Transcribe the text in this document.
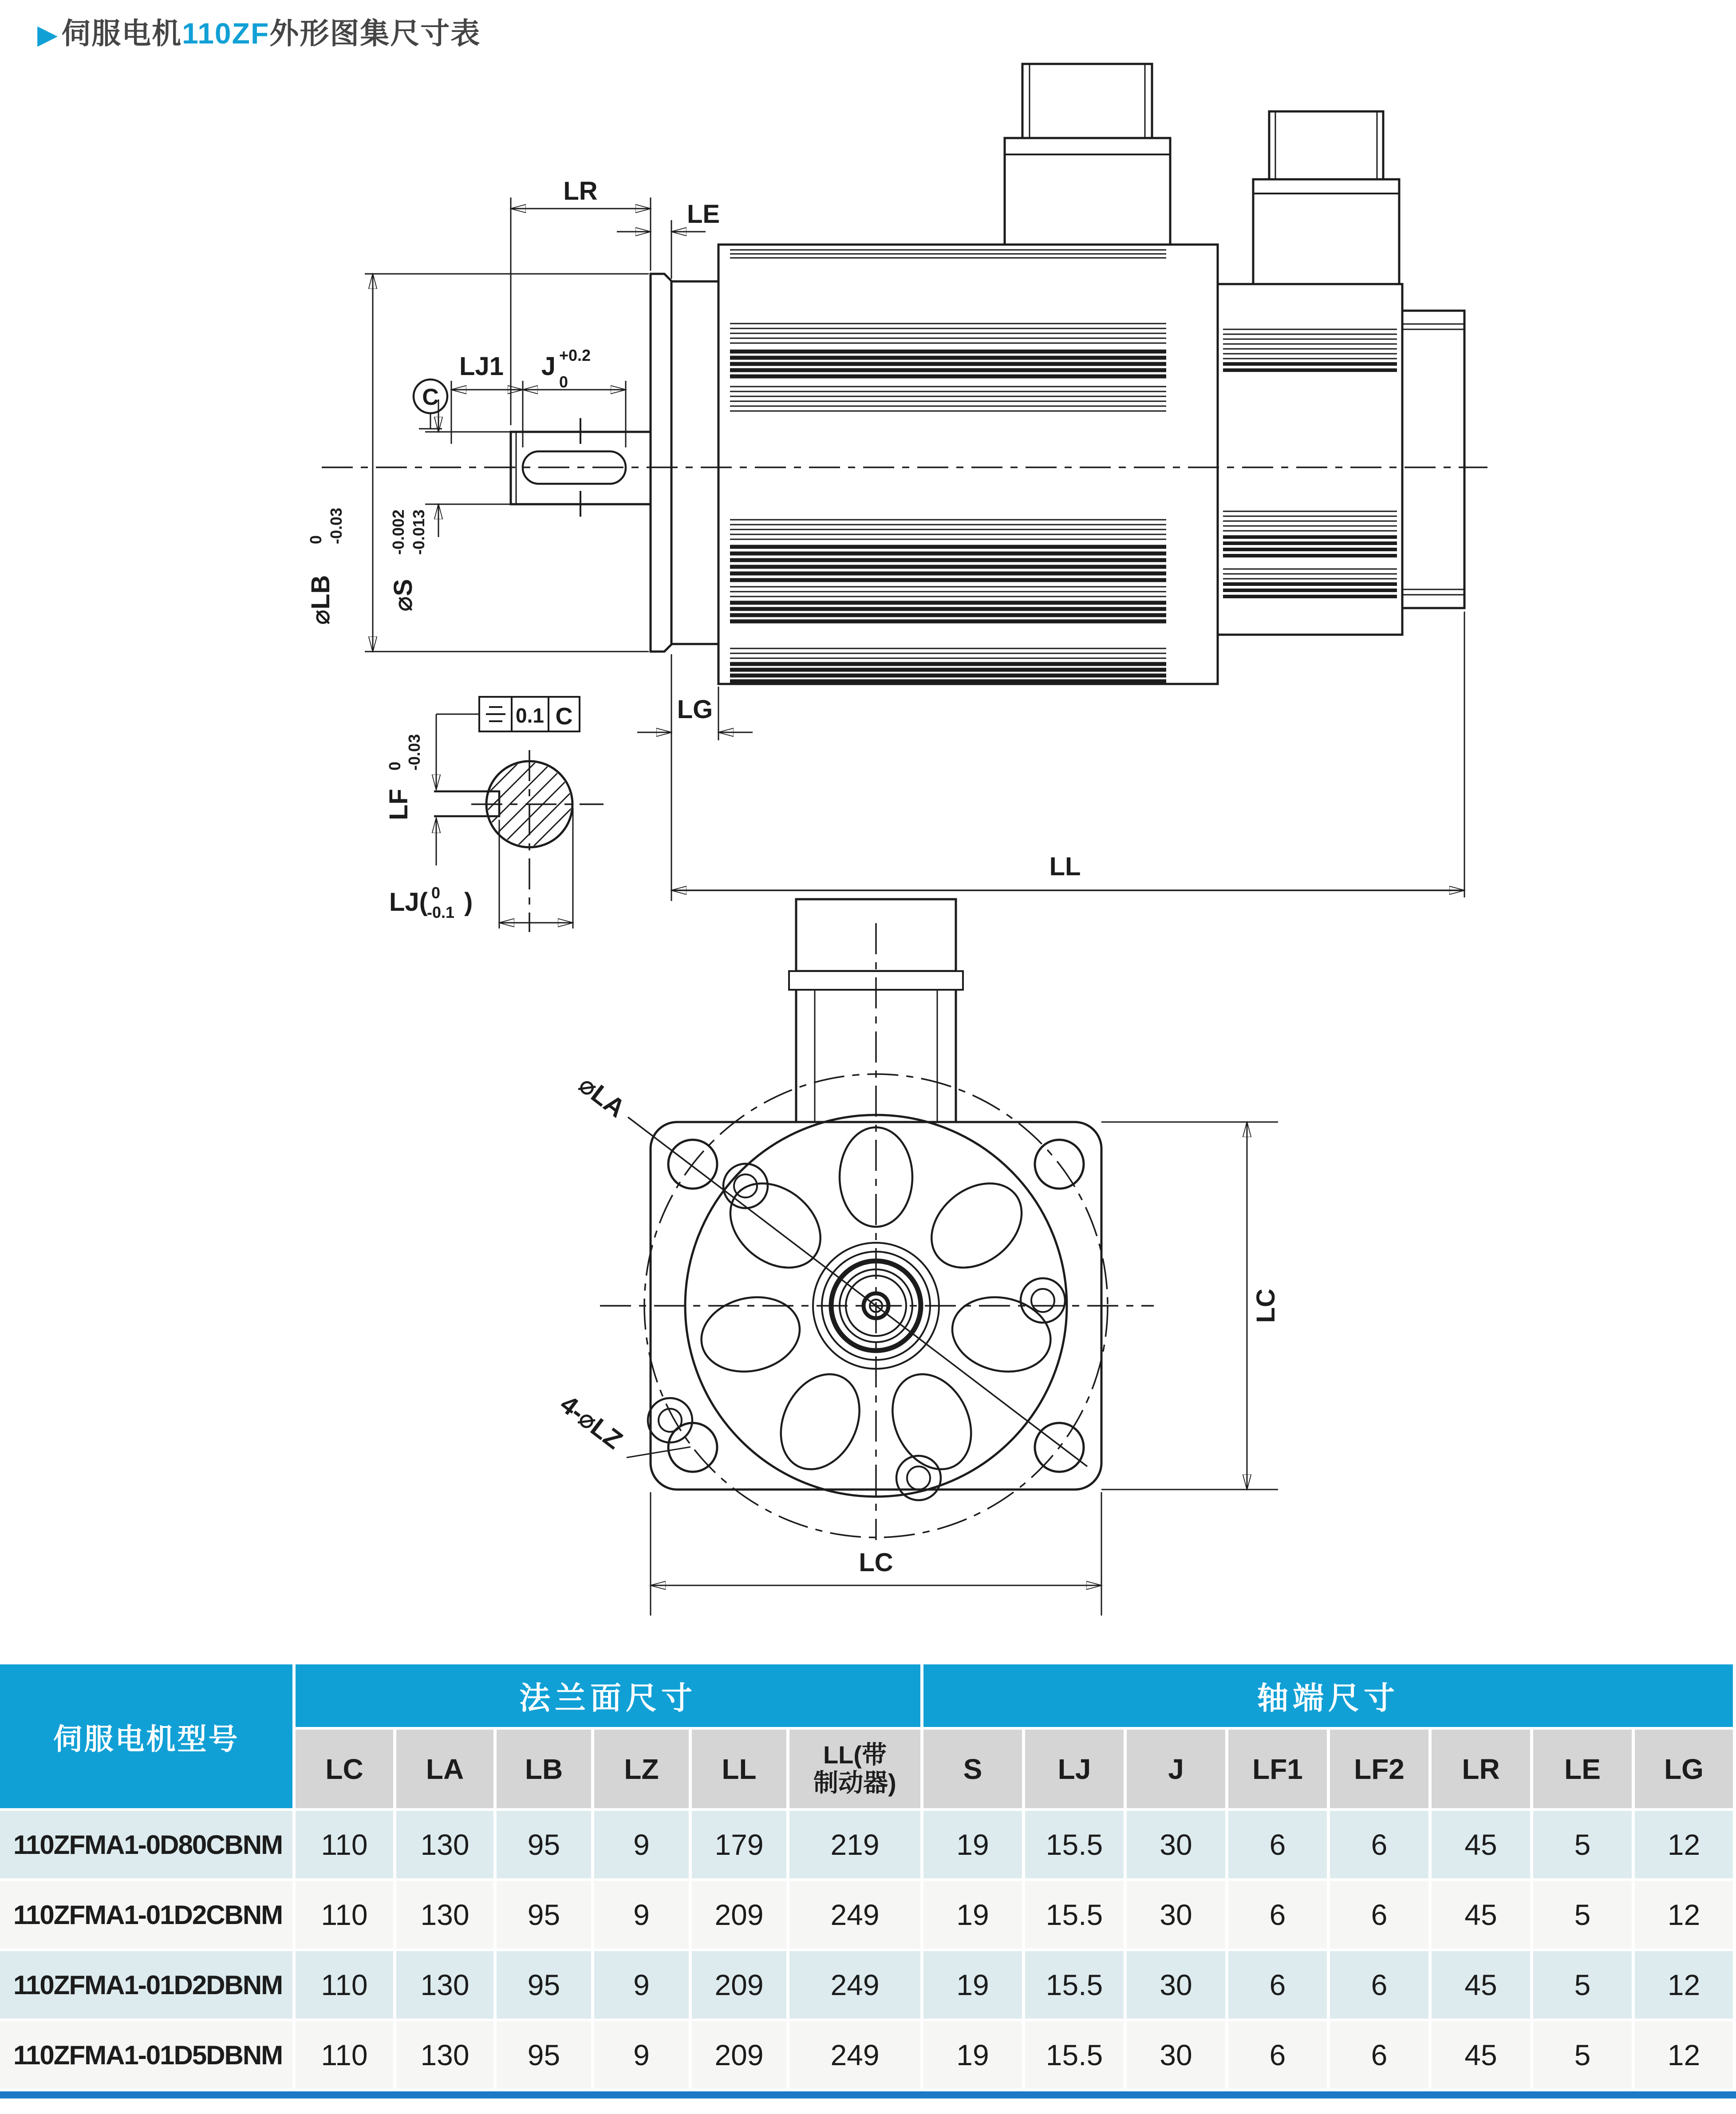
▶伺服电机110ZF外形图集尺寸表
LR
LE
LJ1 J +0.2
0
C
⌀LB
0 -0.03
⌀S
-0.002 -0.013
LG
LL
0.1 C
LF
0 -0.03
LJ( 0
-0.1 )
⌀LA
4-⌀LZ
LC
LC
伺服电机型号
法兰面尺寸	轴端尺寸
LC	LA	LB	LZ	LL	LL(带
制动器)	S	LJ	J	LF1	LF2	LR	LE	LG
110ZFMA1-0D80CBNM	110	130	95	9	179	219	19	15.5	30	6	6	45	5	12
110ZFMA1-01D2CBNM	110	130	95	9	209	249	19	15.5	30	6	6	45	5	12
110ZFMA1-01D2DBNM	110	130	95	9	209	249	19	15.5	30	6	6	45	5	12
110ZFMA1-01D5DBNM	110	130	95	9	209	249	19	15.5	30	6	6	45	5	12
